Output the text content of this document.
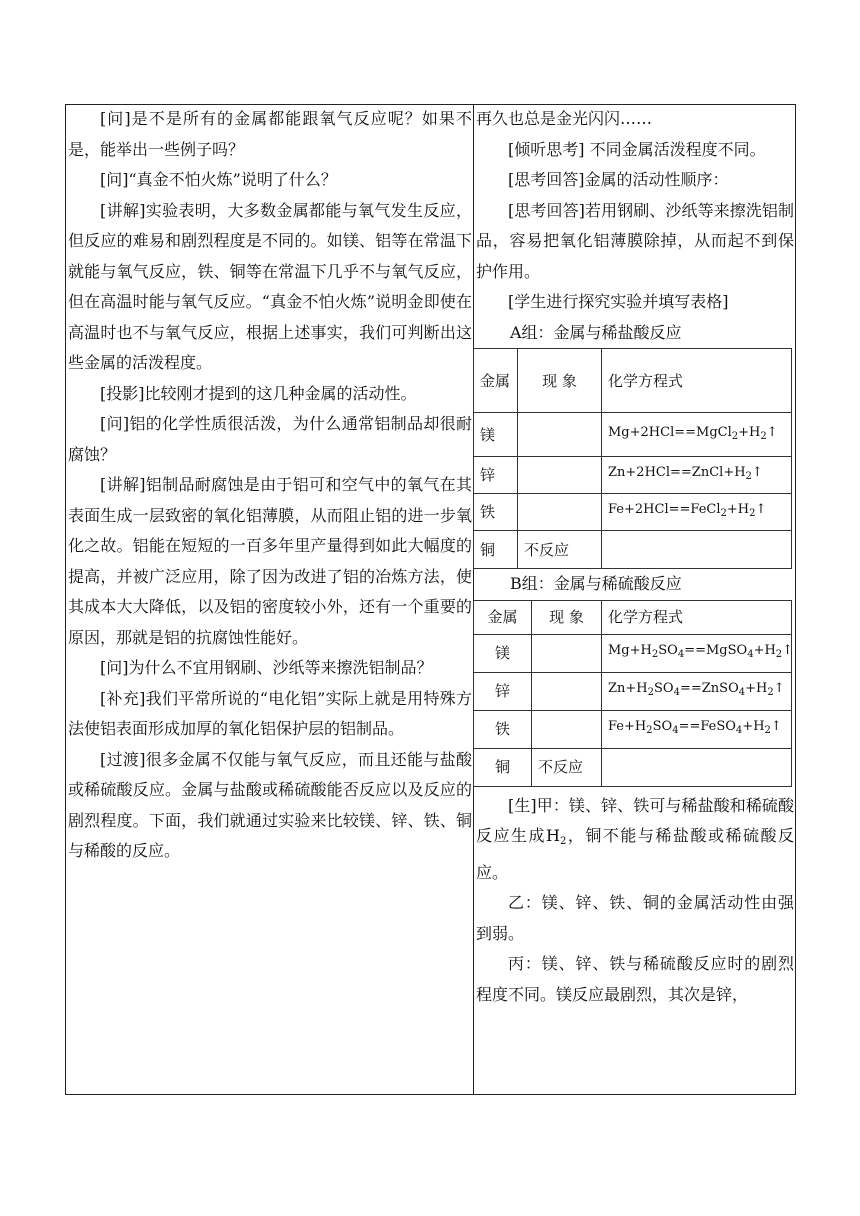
[问]是不是所有的金属都能跟氧气反应呢？如果不是，能举出一些例子吗？

[问]“真金不怕火炼”说明了什么？

[讲解]实验表明，大多数金属都能与氧气发生反应，但反应的难易和剧烈程度是不同的。如镁、铝等在常温下就能与氧气反应，铁、铜等在常温下几乎不与氧气反应，但在高温时能与氧气反应。“真金不怕火炼”说明金即使在高温时也不与氧气反应，根据上述事实，我们可判断出这些金属的活泼程度。

[投影]比较刚才提到的这几种金属的活动性。

[问]铝的化学性质很活泼，为什么通常铝制品却很耐腐蚀？

[讲解]铝制品耐腐蚀是由于铝可和空气中的氧气在其表面生成一层致密的氧化铝薄膜，从而阻止铝的进一步氧化之故。铝能在短短的一百多年里产量得到如此大幅度的提高，并被广泛应用，除了因为改进了铝的冶炼方法，使其成本大大降低，以及铝的密度较小外，还有一个重要的原因，那就是铝的抗腐蚀性能好。

[问]为什么不宜用钢刷、沙纸等来擦洗铝制品？

[补充]我们平常所说的“电化铝”实际上就是用特殊方法使铝表面形成加厚的氧化铝保护层的铝制品。

[过渡]很多金属不仅能与氧气反应，而且还能与盐酸或稀硫酸反应。金属与盐酸或稀硫酸能否反应以及反应的剧烈程度。下面，我们就通过实验来比较镁、锌、铁、铜与稀酸的反应。

再久也总是金光闪闪……

[倾听思考] 不同金属活泼程度不同。

[思考回答]金属的活动性顺序：

[思考回答]若用钢刷、沙纸等来擦洗铝制品，容易把氧化铝薄膜除掉，从而起不到保护作用。

[学生进行探究实验并填写表格]

A组：金属与稀盐酸反应

金属	现 象	化学方程式
镁		$Mg+2HCl==MgCl_2+H_2↑$
锌		$Zn+2HCl==ZnCl+H_2↑$
铁		$Fe+2HCl==FeCl_2+H_2↑$
铜	不反应	

B组：金属与稀硫酸反应

金属	现 象	化学方程式
镁		$Mg+H_2SO_4==MgSO_4+H_2↑$
锌		$Zn+H_2SO_4==ZnSO_4+H_2↑$
铁		$Fe+H_2SO_4==FeSO_4+H_2↑$
铜	不反应	

[生]甲：镁、锌、铁可与稀盐酸和稀硫酸反应生成$H_2$，铜不能与稀盐酸或稀硫酸反应。

乙：镁、锌、铁、铜的金属活动性由强到弱。

丙：镁、锌、铁与稀硫酸反应时的剧烈程度不同。镁反应最剧烈，其次是锌，
